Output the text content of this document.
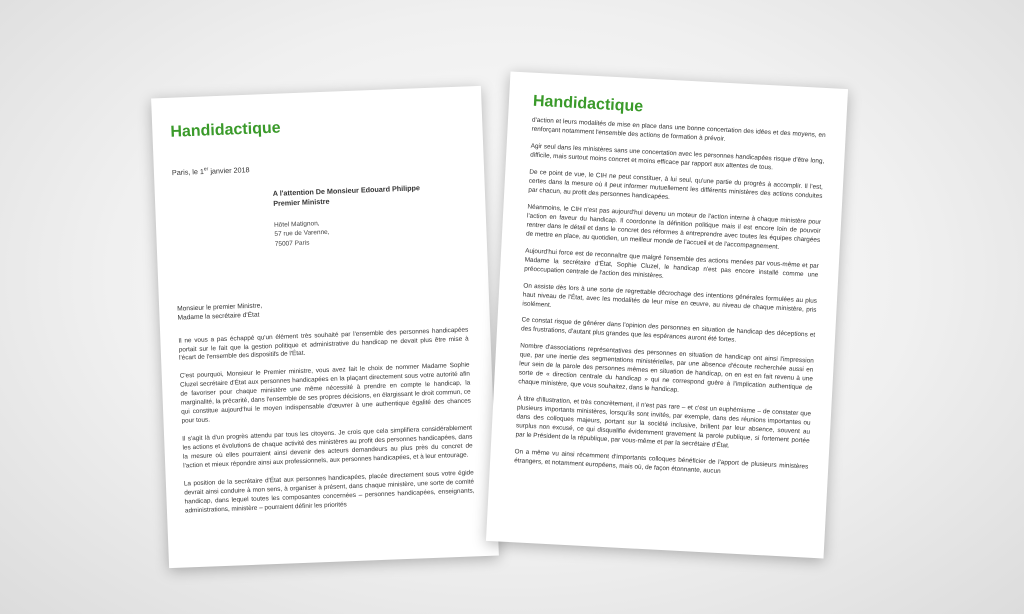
Handidactique
Paris, le 1er janvier 2018
A l'attention De Monsieur Edouard Philippe
Premier Ministre
Hôtel Matignon,
57 rue de Varenne,
75007 Paris
Monsieur le premier Ministre,
Madame la secrétaire d'État

Il ne vous a pas échappé qu'un élément très souhaité par l'ensemble des personnes handicapées portait sur le fait que la gestion politique et administrative du handicap ne devait plus être mise à l'écart de l'ensemble des dispositifs de l'État.

C'est pourquoi, Monsieur le Premier ministre, vous avez fait le choix de nommer Madame Sophie Cluzel secrétaire d'État aux personnes handicapées en la plaçant directement sous votre autorité afin de favoriser pour chaque ministère une même nécessité à prendre en compte le handicap, la marginalité, la précarité, dans l'ensemble de ses propres décisions, en élargissant le droit commun, ce qui constitue aujourd'hui le moyen indispensable d'œuvrer à une authentique égalité des chances pour tous.

Il s'agit là d'un progrès attendu par tous les citoyens. Je crois que cela simplifiera considérablement les actions et évolutions de chaque activité des ministères au profit des personnes handicapées, dans la mesure où elles pourraient ainsi devenir des acteurs demandeurs au plus près du concret de l'action et mieux répondre ainsi aux professionnels, aux personnes handicapées, et à leur entourage.

La position de la secrétaire d'État aux personnes handicapées, placée directement sous votre égide devrait ainsi conduire à mon sens, à organiser à présent, dans chaque ministère, une sorte de comité handicap, dans lequel toutes les composantes concernées – personnes handicapées, enseignants, administrations, ministère – pourraient définir les priorités

Handidactique

d'action et leurs modalités de mise en place dans une bonne concertation des idées et des moyens, en renforçant notamment l'ensemble des actions de formation à prévoir.

Agir seul dans les ministères sans une concertation avec les personnes handicapées risque d'être long, difficile, mais surtout moins concret et moins efficace par rapport aux attentes de tous.

De ce point de vue, le CIH ne peut constituer, à lui seul, qu'une partie du progrès à accomplir. Il l'est, certes dans la mesure où il peut informer mutuellement les différents ministères des actions conduites par chacun, au profit des personnes handicapées.

Néanmoins, le CIH n'est pas aujourd'hui devenu un moteur de l'action interne à chaque ministère pour l'action en faveur du handicap. Il coordonne la définition politique mais il est encore loin de pouvoir rentrer dans le détail et dans le concret des réformes à entreprendre avec toutes les équipes chargées de mettre en place, au quotidien, un meilleur monde de l'accueil et de l'accompagnement.

Aujourd'hui force est de reconnaître que malgré l'ensemble des actions menées par vous-même et par Madame la secrétaire d'État, Sophie Cluzel, le handicap n'est pas encore installé comme une préoccupation centrale de l'action des ministères.

On assiste dès lors à une sorte de regrettable décrochage des intentions générales formulées au plus haut niveau de l'État, avec les modalités de leur mise en œuvre, au niveau de chaque ministère, pris isolément.

Ce constat risque de générer dans l'opinion des personnes en situation de handicap des déceptions et des frustrations, d'autant plus grandes que les espérances auront été fortes.

Nombre d'associations représentatives des personnes en situation de handicap ont ainsi l'impression que, par une inertie des segmentations ministérielles, par une absence d'écoute recherchée aussi en leur sein de la parole des personnes mêmes en situation de handicap, on en est en fait revenu à une sorte de « direction centrale du handicap » qui ne correspond guère à l'implication authentique de chaque ministère, que vous souhaitez, dans le handicap.

À titre d'illustration, et très concrètement, il n'est pas rare – et c'est un euphémisme – de constater que plusieurs importants ministères, lorsqu'ils sont invités, par exemple, dans des réunions importantes ou dans des colloques majeurs, portant sur la société inclusive, brillent par leur absence, souvent au surplus non excusé, ce qui disqualifie évidemment gravement la parole publique, si fortement portée par le Président de la république, par vous-même et par la secrétaire d'État.

On a même vu ainsi récemment d'importants colloques bénéficier de l'apport de plusieurs ministères étrangers, et notamment européens, mais où, de façon étonnante, aucun
